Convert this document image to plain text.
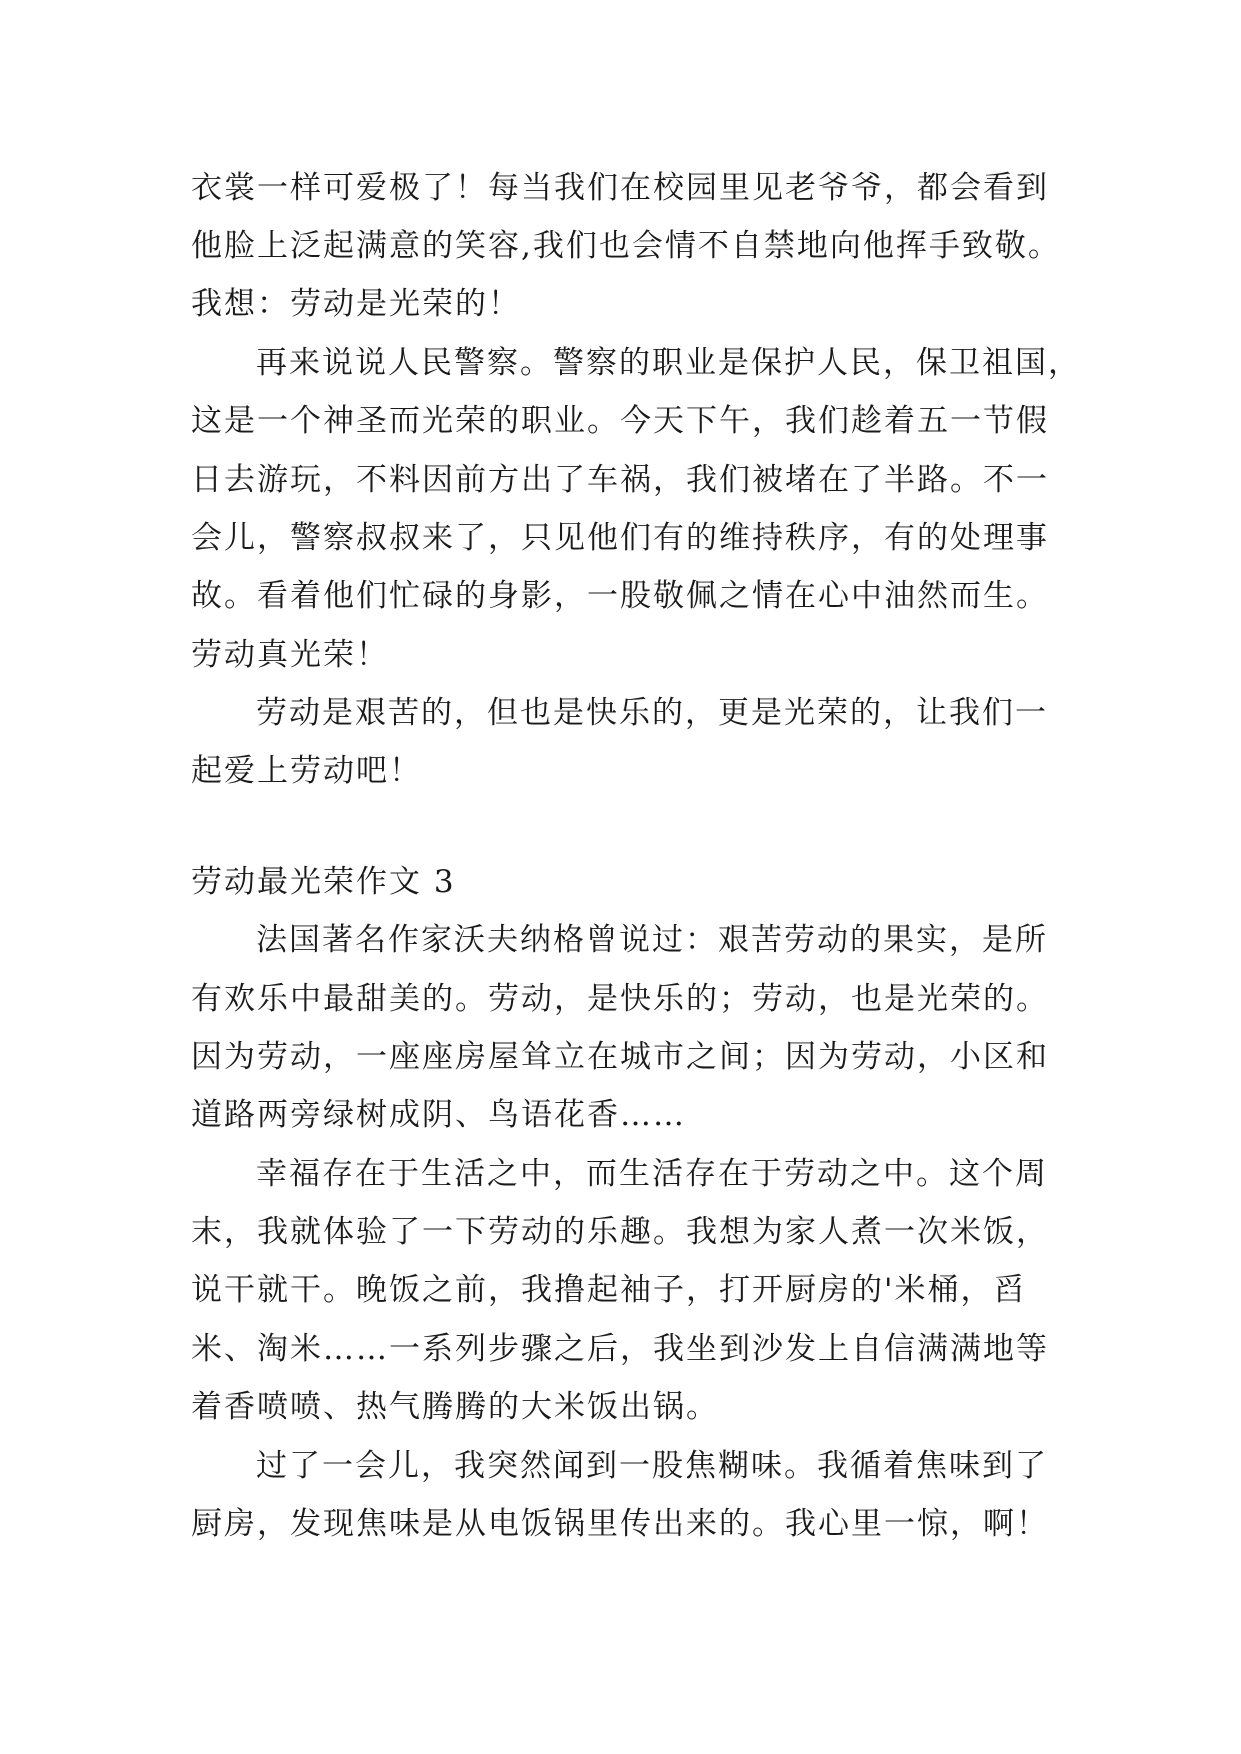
衣裳一样可爱极了！每当我们在校园里见老爷爷，都会看到
他脸上泛起满意的笑容,我们也会情不自禁地向他挥手致敬。
我想：劳动是光荣的！
再来说说人民警察。警察的职业是保护人民，保卫祖国，
这是一个神圣而光荣的职业。今天下午，我们趁着五一节假
日去游玩，不料因前方出了车祸，我们被堵在了半路。不一
会儿，警察叔叔来了，只见他们有的维持秩序，有的处理事
故。看着他们忙碌的身影，一股敬佩之情在心中油然而生。
劳动真光荣！
劳动是艰苦的，但也是快乐的，更是光荣的，让我们一
起爱上劳动吧！
劳动最光荣作文 3
法国著名作家沃夫纳格曾说过：艰苦劳动的果实，是所
有欢乐中最甜美的。劳动，是快乐的；劳动，也是光荣的。
因为劳动，一座座房屋耸立在城市之间；因为劳动，小区和
道路两旁绿树成阴、鸟语花香……
幸福存在于生活之中，而生活存在于劳动之中。这个周
末，我就体验了一下劳动的乐趣。我想为家人煮一次米饭，
说干就干。晚饭之前，我撸起袖子，打开厨房的'米桶，舀
米、淘米……一系列步骤之后，我坐到沙发上自信满满地等
着香喷喷、热气腾腾的大米饭出锅。
过了一会儿，我突然闻到一股焦糊味。我循着焦味到了
厨房，发现焦味是从电饭锅里传出来的。我心里一惊，啊！
